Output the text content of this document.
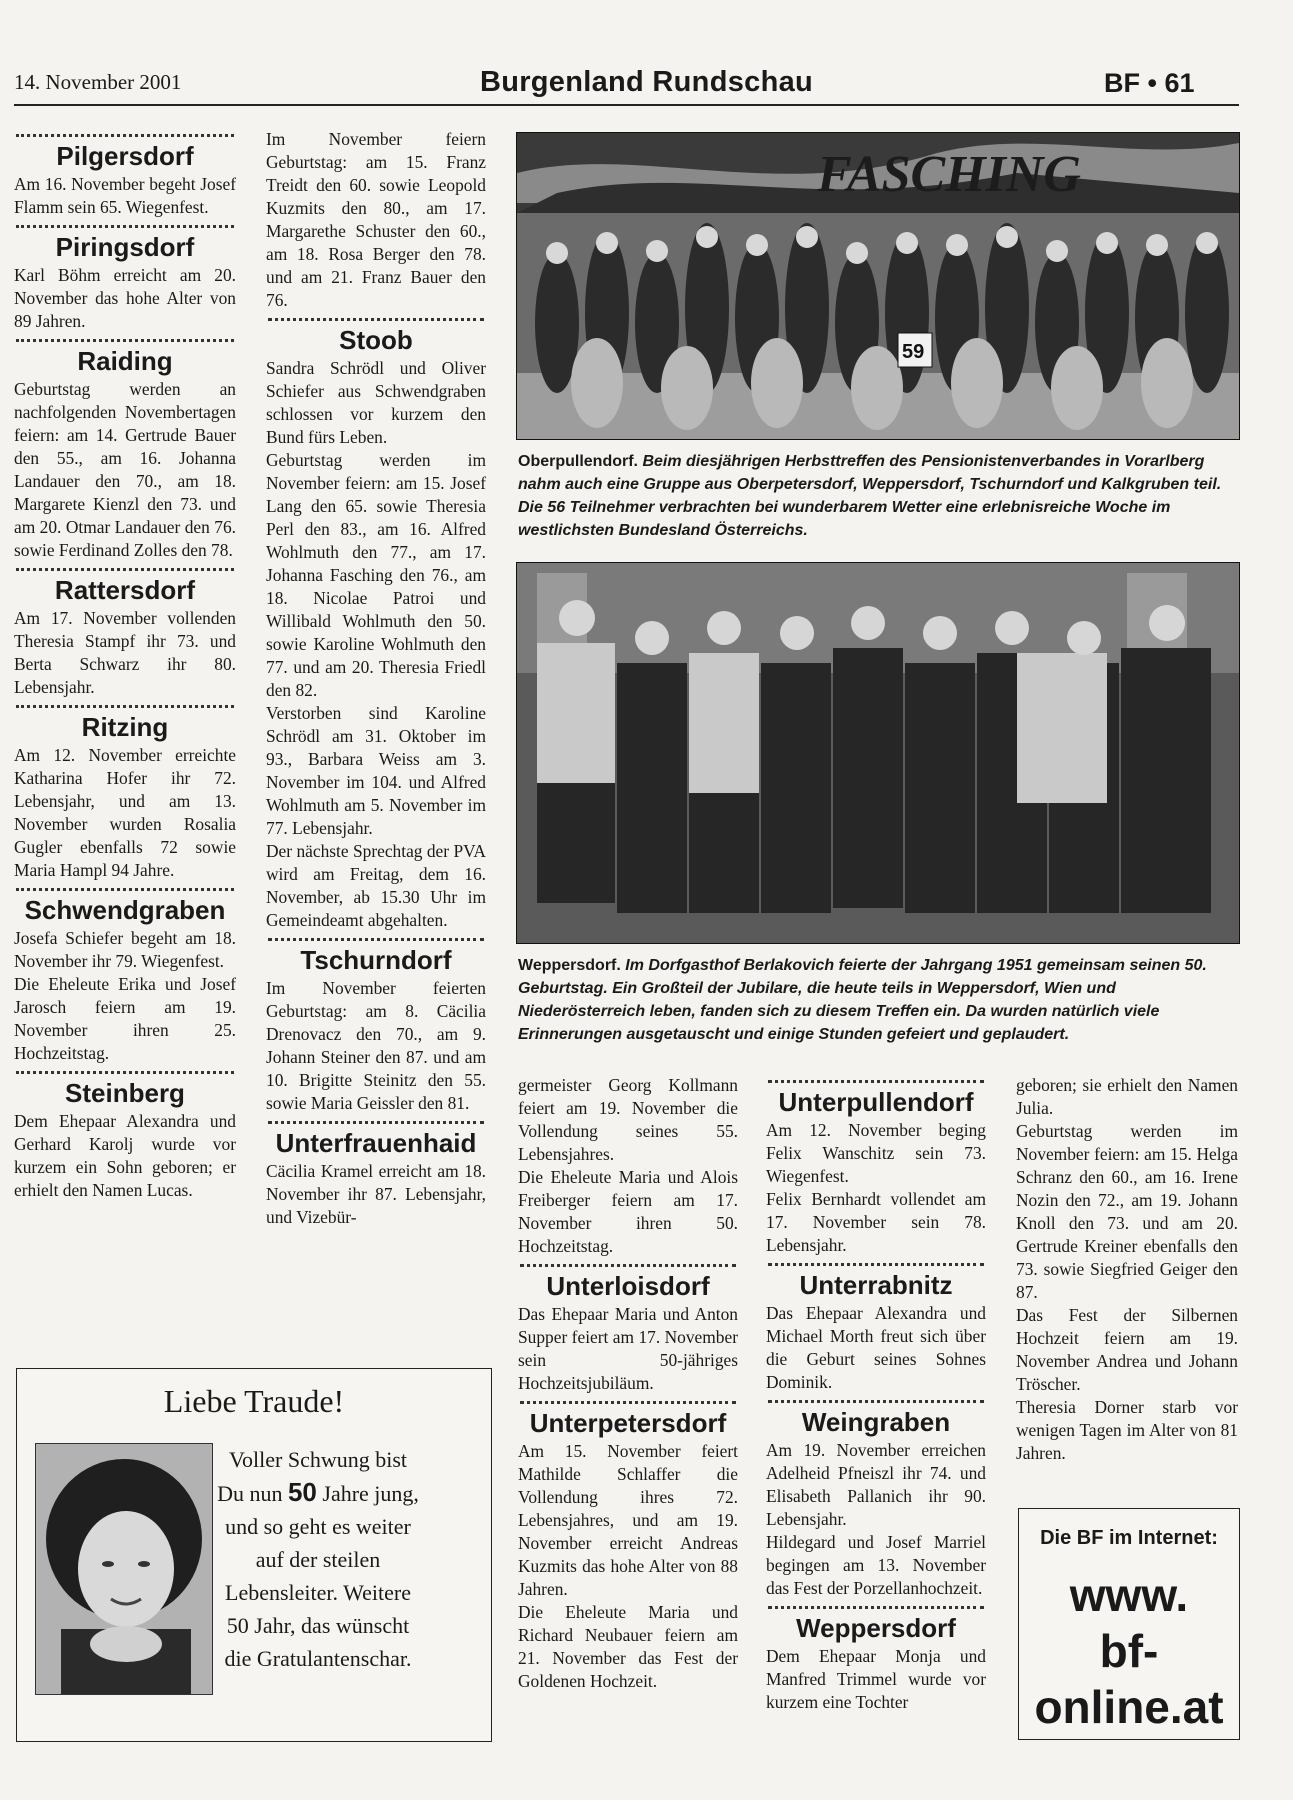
14. November 2001	Burgenland Rundschau	BF • 61
Pilgersdorf

Am 16. November begeht Josef Flamm sein 65. Wiegenfest.

Piringsdorf

Karl Böhm erreicht am 20. November das hohe Alter von 89 Jahren.

Raiding

Geburtstag werden an nachfolgenden Novembertagen feiern: am 14. Gertrude Bauer den 55., am 16. Johanna Landauer den 70., am 18. Margarete Kienzl den 73. und am 20. Otmar Landauer den 76. sowie Ferdinand Zolles den 78.

Rattersdorf

Am 17. November vollenden Theresia Stampf ihr 73. und Berta Schwarz ihr 80. Lebensjahr.

Ritzing

Am 12. November erreichte Katharina Hofer ihr 72. Lebensjahr, und am 13. November wurden Rosalia Gugler ebenfalls 72 sowie Maria Hampl 94 Jahre.

Schwendgraben

Josefa Schiefer begeht am 18. November ihr 79. Wiegenfest.

Die Eheleute Erika und Josef Jarosch feiern am 19. November ihren 25. Hochzeitstag.

Steinberg

Dem Ehepaar Alexandra und Gerhard Karolj wurde vor kurzem ein Sohn geboren; er erhielt den Namen Lucas.

Im November feiern Geburtstag: am 15. Franz Treidt den 60. sowie Leopold Kuzmits den 80., am 17. Margarethe Schuster den 60., am 18. Rosa Berger den 78. und am 21. Franz Bauer den 76.

Stoob

Sandra Schrödl und Oliver Schiefer aus Schwendgraben schlossen vor kurzem den Bund fürs Leben.

Geburtstag werden im November feiern: am 15. Josef Lang den 65. sowie Theresia Perl den 83., am 16. Alfred Wohlmuth den 77., am 17. Johanna Fasching den 76., am 18. Nicolae Patroi und Willibald Wohlmuth den 50. sowie Karoline Wohlmuth den 77. und am 20. Theresia Friedl den 82.

Verstorben sind Karoline Schrödl am 31. Oktober im 93., Barbara Weiss am 3. November im 104. und Alfred Wohlmuth am 5. November im 77. Lebensjahr.

Der nächste Sprechtag der PVA wird am Freitag, dem 16. November, ab 15.30 Uhr im Gemeindeamt abgehalten.

Tschurndorf

Im November feierten Geburtstag: am 8. Cäcilia Drenovacz den 70., am 9. Johann Steiner den 87. und am 10. Brigitte Steinitz den 55. sowie Maria Geissler den 81.

Unterfrauenhaid

Cäcilia Kramel erreicht am 18. November ihr 87. Lebensjahr, und Vizebür-

FASCHING
59
Oberpullendorf. Beim diesjährigen Herbsttreffen des Pensionistenverbandes in Vorarlberg nahm auch eine Gruppe aus Oberpetersdorf, Weppersdorf, Tschurndorf und Kalkgruben teil. Die 56 Teilnehmer verbrachten bei wunderbarem Wetter eine erlebnisreiche Woche im westlichsten Bundesland Österreichs.
Weppersdorf. Im Dorfgasthof Berlakovich feierte der Jahrgang 1951 gemeinsam seinen 50. Geburtstag. Ein Großteil der Jubilare, die heute teils in Weppersdorf, Wien und Niederösterreich leben, fanden sich zu diesem Treffen ein. Da wurden natürlich viele Erinnerungen ausgetauscht und einige Stunden gefeiert und geplaudert.

germeister Georg Kollmann feiert am 19. November die Vollendung seines 55. Lebensjahres.

Die Eheleute Maria und Alois Freiberger feiern am 17. November ihren 50. Hochzeitstag.

Unterloisdorf

Das Ehepaar Maria und Anton Supper feiert am 17. November sein 50-jähriges Hochzeitsjubiläum.

Unterpetersdorf

Am 15. November feiert Mathilde Schlaffer die Vollendung ihres 72. Lebensjahres, und am 19. November erreicht Andreas Kuzmits das hohe Alter von 88 Jahren.

Die Eheleute Maria und Richard Neubauer feiern am 21. November das Fest der Goldenen Hochzeit.

Unterpullendorf

Am 12. November beging Felix Wanschitz sein 73. Wiegenfest.

Felix Bernhardt vollendet am 17. November sein 78. Lebensjahr.

Unterrabnitz

Das Ehepaar Alexandra und Michael Morth freut sich über die Geburt seines Sohnes Dominik.

Weingraben

Am 19. November erreichen Adelheid Pfneiszl ihr 74. und Elisabeth Pallanich ihr 90. Lebensjahr.

Hildegard und Josef Marriel begingen am 13. November das Fest der Porzellanhochzeit.

Weppersdorf

Dem Ehepaar Monja und Manfred Trimmel wurde vor kurzem eine Tochter

geboren; sie erhielt den Namen Julia.

Geburtstag werden im November feiern: am 15. Helga Schranz den 60., am 16. Irene Nozin den 72., am 19. Johann Knoll den 73. und am 20. Gertrude Kreiner ebenfalls den 73. sowie Siegfried Geiger den 87.

Das Fest der Silbernen Hochzeit feiern am 19. November Andrea und Johann Tröscher.

Theresia Dorner starb vor wenigen Tagen im Alter von 81 Jahren.

Liebe Traude!
Voller Schwung bist Du nun 50 Jahre jung, und so geht es weiter auf der steilen Lebensleiter. Weitere 50 Jahr, das wünscht die Gratulantenschar.
Die BF im Internet:
www.
bf-
online.at
